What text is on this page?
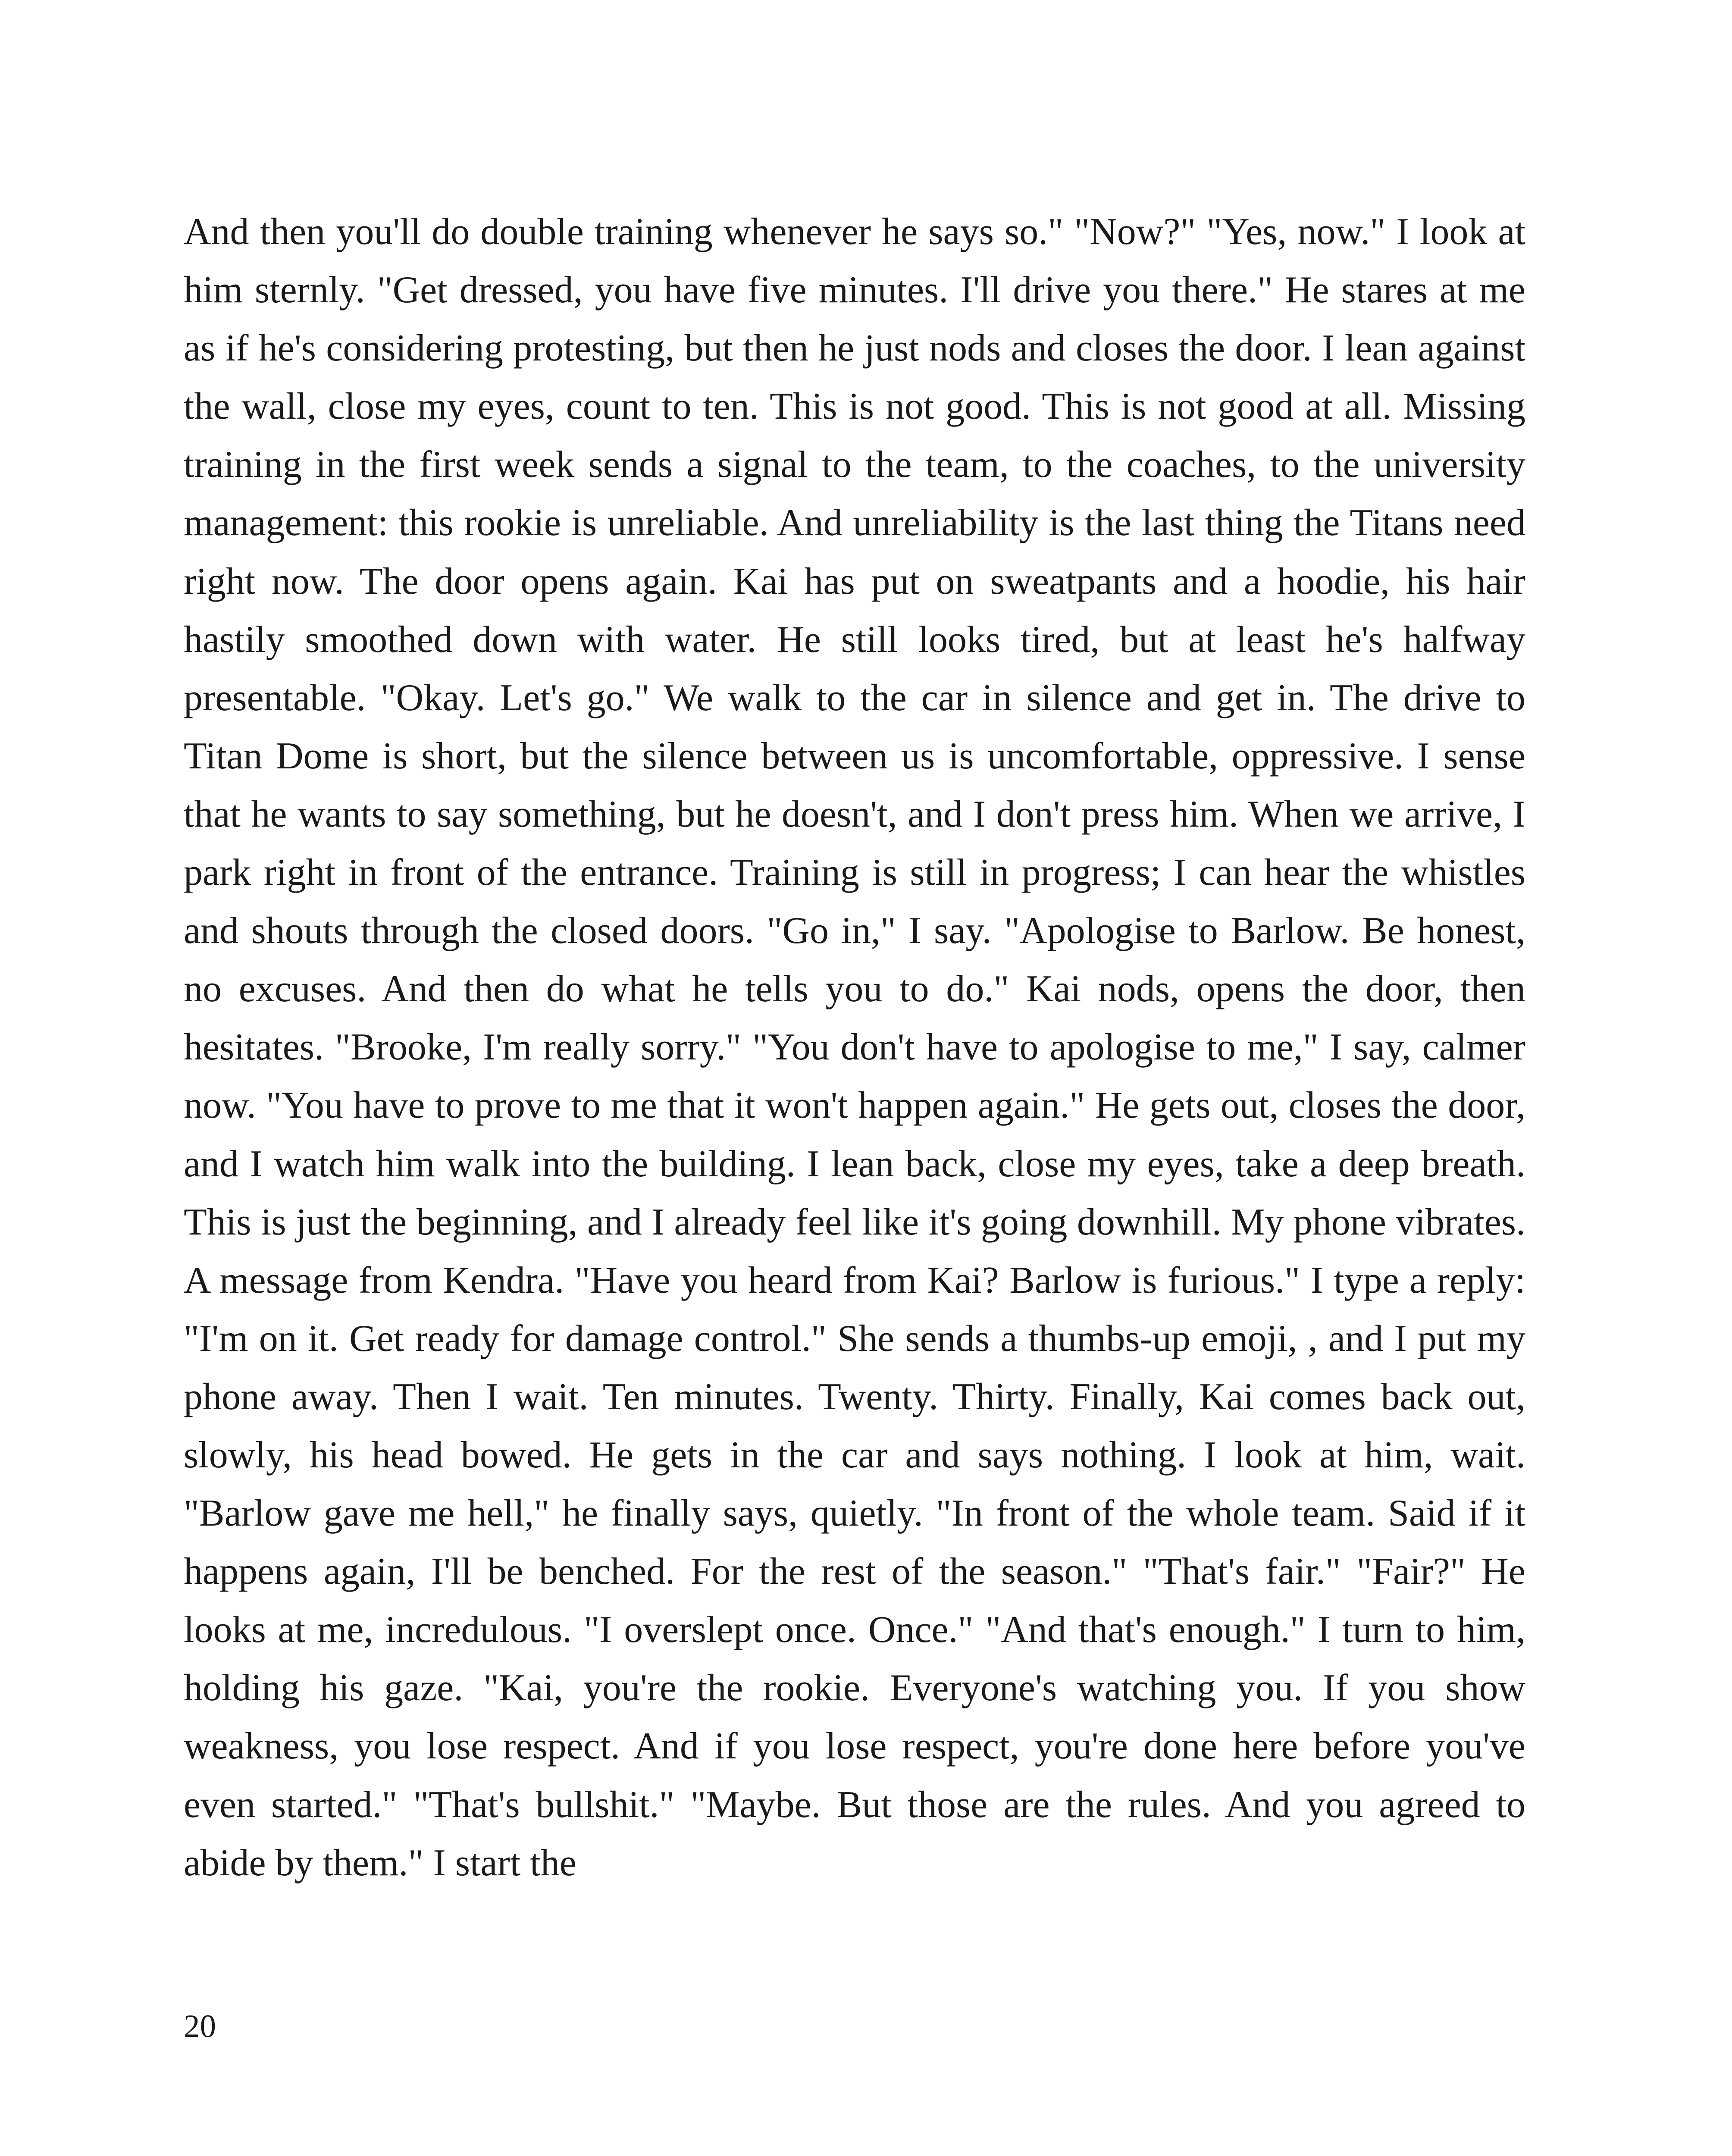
And then you'll do double training whenever he says so." "Now?" "Yes, now." I look at him sternly. "Get dressed, you have five minutes. I'll drive you there." He stares at me as if he's considering protesting, but then he just nods and closes the door. I lean against the wall, close my eyes, count to ten. This is not good. This is not good at all. Missing training in the first week sends a signal to the team, to the coaches, to the university management: this rookie is unreliable. And unreliability is the last thing the Titans need right now. The door opens again. Kai has put on sweatpants and a hoodie, his hair hastily smoothed down with water. He still looks tired, but at least he's halfway presentable. "Okay. Let's go." We walk to the car in silence and get in. The drive to Titan Dome is short, but the silence between us is uncomfortable, oppressive. I sense that he wants to say something, but he doesn't, and I don't press him. When we arrive, I park right in front of the entrance. Training is still in progress; I can hear the whistles and shouts through the closed doors. "Go in," I say. "Apologise to Barlow. Be honest, no excuses. And then do what he tells you to do." Kai nods, opens the door, then hesitates. "Brooke, I'm really sorry." "You don't have to apologise to me," I say, calmer now. "You have to prove to me that it won't happen again." He gets out, closes the door, and I watch him walk into the building. I lean back, close my eyes, take a deep breath. This is just the beginning, and I already feel like it's going downhill. My phone vibrates. A message from Kendra. "Have you heard from Kai? Barlow is furious." I type a reply: "I'm on it. Get ready for damage control." She sends a thumbs-up emoji, , and I put my phone away. Then I wait. Ten minutes. Twenty. Thirty. Finally, Kai comes back out, slowly, his head bowed. He gets in the car and says nothing. I look at him, wait. "Barlow gave me hell," he finally says, quietly. "In front of the whole team. Said if it happens again, I'll be benched. For the rest of the season." "That's fair." "Fair?" He looks at me, incredulous. "I overslept once. Once." "And that's enough." I turn to him, holding his gaze. "Kai, you're the rookie. Everyone's watching you. If you show weakness, you lose respect. And if you lose respect, you're done here before you've even started." "That's bullshit." "Maybe. But those are the rules. And you agreed to abide by them." I start the

20
